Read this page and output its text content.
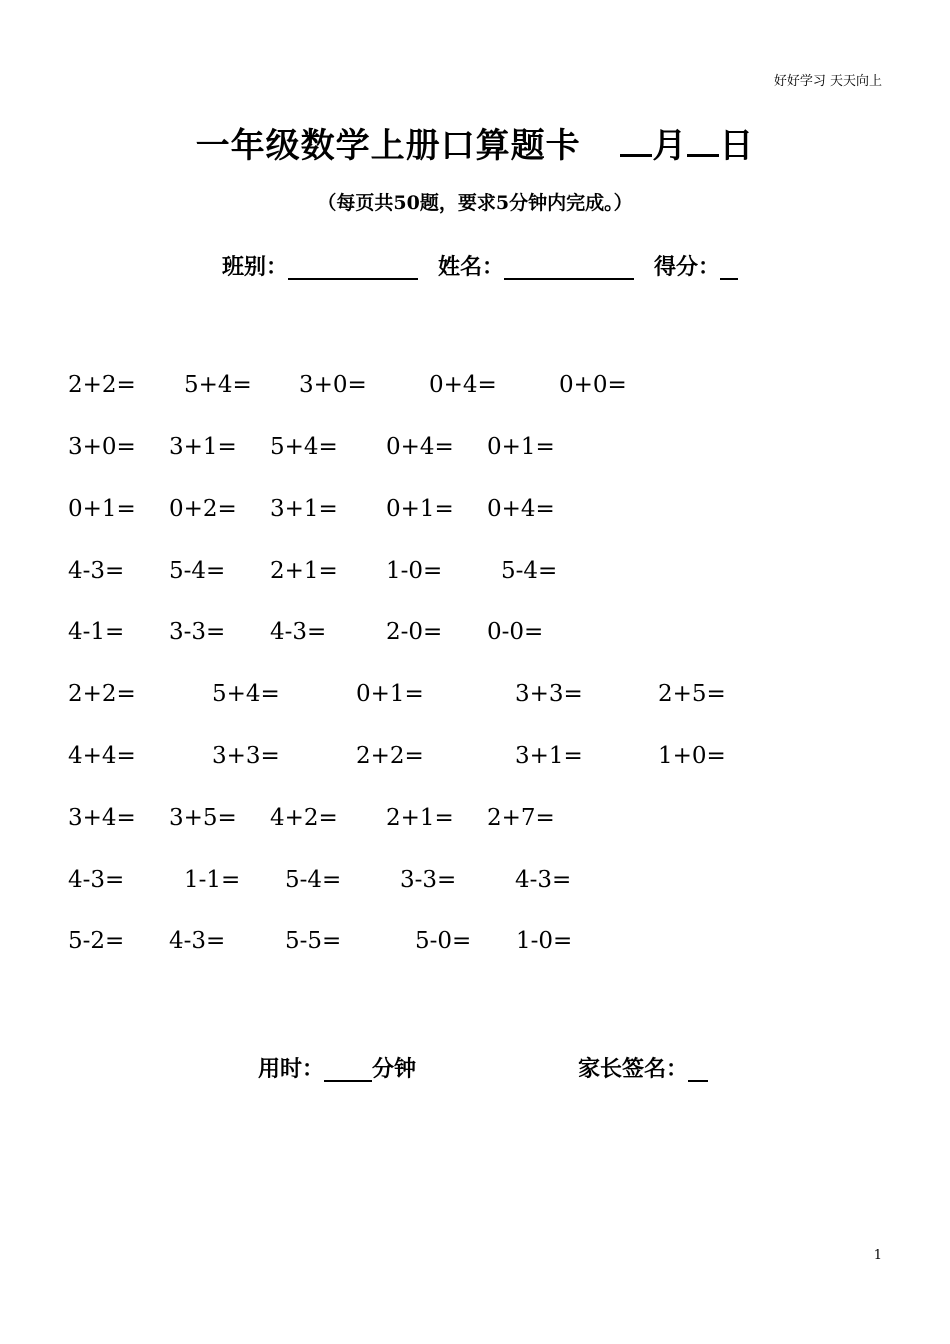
好好学习 天天向上
一年级数学上册口算题卡 月 日
（每页共50题，要求5分钟内完成。）
班别：	姓名：	得分：
2+2= 5+4= 3+0=	0+4=	0+0=
3+0= 3+1= 5+4= 0+4= 0+1=
0+1= 0+2= 3+1= 0+1= 0+4=
4-3= 5-4= 2+1= 1-0=	5-4=
4-1= 3-3= 4-3=	2-0= 0-0=
2+2=	5+4=	0+1=	3+3=	2+5=
4+4=	3+3=	2+2=	3+1=	1+0=
3+4= 3+5= 4+2= 2+1= 2+7=
4-3=	1-1= 5-4=	3-3=	4-3=
5-2= 4-3=	5-5=	5-0= 1-0=
用时： 分钟	家长签名：
1
